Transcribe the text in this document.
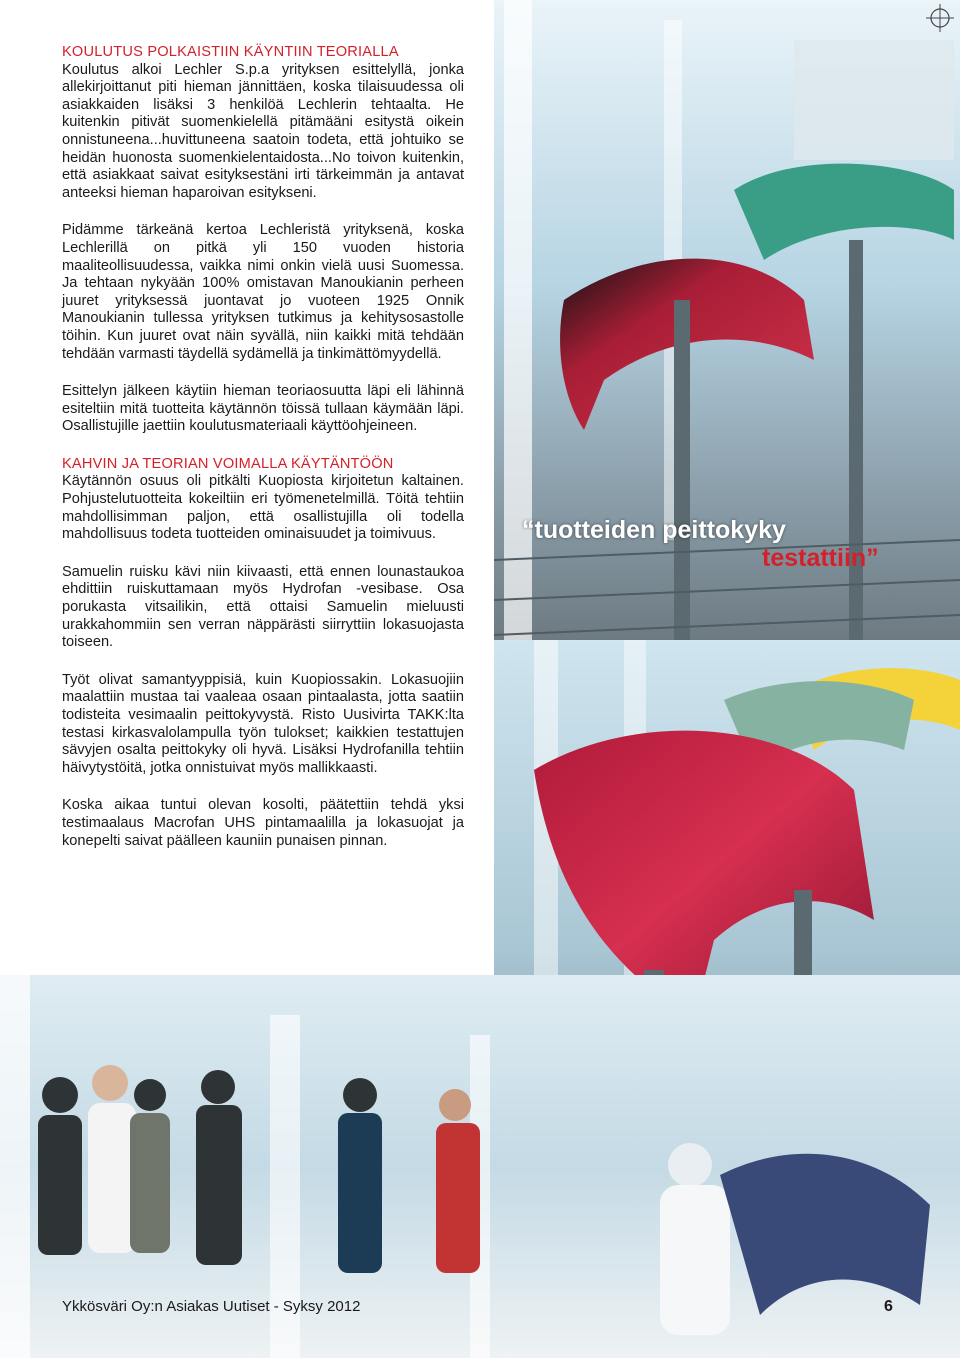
“tuotteiden peittokyky
testattiin”
KOULUTUS POLKAISTIIN KÄYNTIIN TEORIALLA

Koulutus alkoi Lechler S.p.a yrityksen esittelyllä, jonka allekirjoittanut piti hieman jännittäen, koska tilaisuudessa oli asiakkaiden lisäksi 3 henkilöä Lechlerin tehtaalta. He kuitenkin pitivät suomenkielellä pitämääni esitystä oikein onnistuneena...huvittuneena saatoin todeta, että johtuiko se heidän huonosta suomenkielentaidosta...No toivon kuitenkin, että asiakkaat saivat esityksestäni irti tärkeimmän ja antavat anteeksi hieman haparoivan esitykseni.

Pidämme tärkeänä kertoa Lechleristä yrityksenä, koska Lechlerillä on pitkä yli 150 vuoden historia maaliteollisuudessa, vaikka nimi onkin vielä uusi Suomessa. Ja tehtaan nykyään 100% omistavan Manoukianin perheen juuret yrityksessä juontavat jo vuoteen 1925 Onnik Manoukianin tullessa yrityksen tutkimus ja kehitysosastolle töihin. Kun juuret ovat näin syvällä, niin kaikki mitä tehdään tehdään varmasti täydellä sydämellä ja tinkimättömyydellä.

Esittelyn jälkeen käytiin hieman teoriaosuutta läpi eli lähinnä esiteltiin mitä tuotteita käytännön töissä tullaan käymään läpi. Osallistujille jaettiin koulutusmateriaali käyttöohjeineen.

KAHVIN JA TEORIAN VOIMALLA KÄYTÄNTÖÖN

Käytännön osuus oli pitkälti Kuopiosta kirjoitetun kaltainen. Pohjustelutuotteita kokeiltiin eri työmenetelmillä. Töitä tehtiin mahdollisimman paljon, että osallistujilla oli todella mahdollisuus todeta tuotteiden ominaisuudet ja toimivuus.

Samuelin ruisku kävi niin kiivaasti, että ennen lounastaukoa ehdittiin ruiskuttamaan myös Hydrofan -vesibase. Osa porukasta vitsailikin, että ottaisi Samuelin mieluusti urakkahommiin sen verran näppärästi siirryttiin lokasuojasta toiseen.

Työt olivat samantyyppisiä, kuin Kuopiossakin. Lokasuojiin maalattiin mustaa tai vaaleaa osaan pintaalasta, jotta saatiin todisteita vesimaalin peittokyvystä. Risto Uusivirta TAKK:lta testasi kirkasvalolampulla työn tulokset; kaikkien testattujen sävyjen osalta peittokyky oli hyvä. Lisäksi Hydrofanilla tehtiin häivytystöitä, jotka onnistuivat myös mallikkaasti.

Koska aikaa tuntui olevan kosolti, päätettiin tehdä yksi testimaalaus Macrofan UHS pintamaalilla ja lokasuojat ja konepelti saivat päälleen kauniin punaisen pinnan.

Ykkösväri Oy:n Asiakas Uutiset - Syksy 2012	6
